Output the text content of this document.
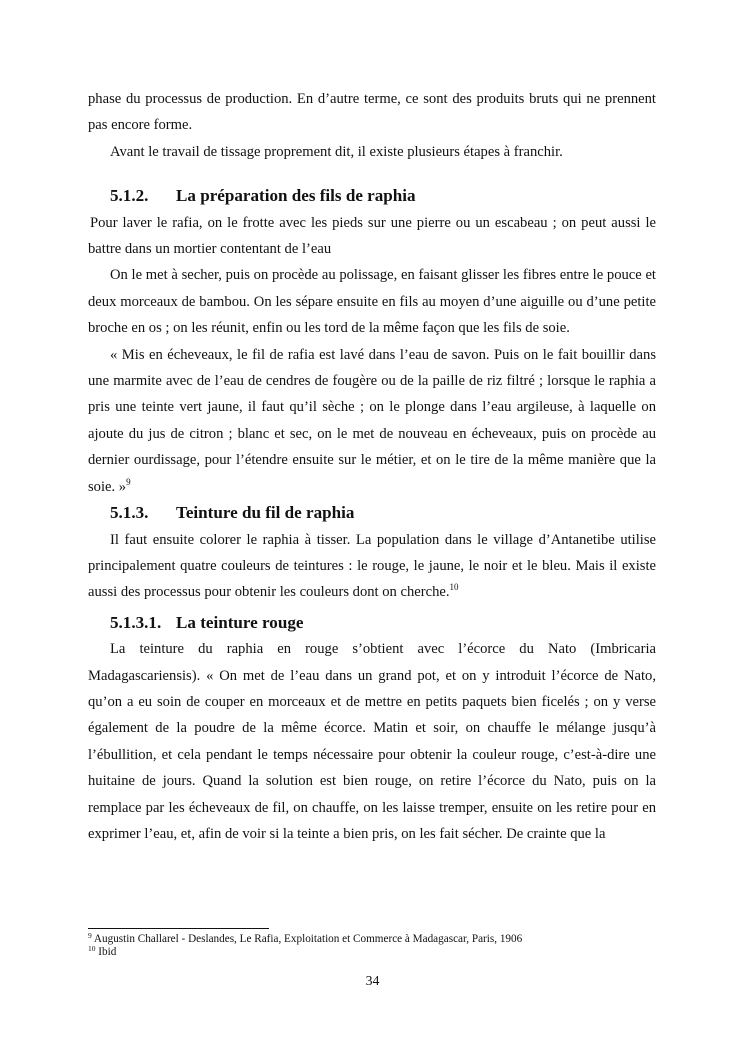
phase du processus de production. En d’autre terme, ce sont des produits bruts qui ne prennent pas encore forme.

Avant le travail de tissage proprement dit, il existe plusieurs étapes à franchir.

5.1.2. La préparation des fils de raphia

Pour laver le rafia, on le frotte avec les pieds sur une pierre ou un escabeau ; on peut aussi le battre dans un mortier contentant de l’eau

On le met à secher, puis on procède au polissage, en faisant glisser les fibres entre le pouce et deux morceaux de bambou. On les sépare ensuite en fils au moyen d’une aiguille ou d’une petite broche en os ; on les réunit, enfin ou les tord de la même façon que les fils de soie.

« Mis en écheveaux, le fil de rafia est lavé dans l’eau de savon. Puis on le fait bouillir dans une marmite avec de l’eau de cendres de fougère ou de la paille de riz filtré ; lorsque le raphia a pris une teinte vert jaune, il faut qu’il sèche ; on le plonge dans l’eau argileuse, à laquelle on ajoute du jus de citron ; blanc et sec, on le met de nouveau en écheveaux, puis on procède au dernier ourdissage, pour l’étendre ensuite sur le métier, et on le tire de la même manière que la soie. »$^9$

5.1.3. Teinture du fil de raphia

Il faut ensuite colorer le raphia à tisser. La population dans le village d’Antanetibe utilise principalement quatre couleurs de teintures : le rouge, le jaune, le noir et le bleu. Mais il existe aussi des processus pour obtenir les couleurs dont on cherche.$^{10}$

5.1.3.1. La teinture rouge

La teinture du raphia en rouge s’obtient avec l’écorce du Nato (Imbricaria Madagascariensis). « On met de l’eau dans un grand pot, et on y introduit l’écorce de Nato, qu’on a eu soin de couper en morceaux et de mettre en petits paquets bien ficelés ; on y verse également de la poudre de la même écorce. Matin et soir, on chauffe le mélange jusqu’à l’ébullition, et cela pendant le temps nécessaire pour obtenir la couleur rouge, c’est-à-dire une huitaine de jours. Quand la solution est bien rouge, on retire l’écorce du Nato, puis on la remplace par les écheveaux de fil, on chauffe, on les laisse tremper, ensuite on les retire pour en exprimer l’eau, et, afin de voir si la teinte a bien pris, on les fait sécher. De crainte que la

$^9$ Augustin Challarel - Deslandes, Le Rafia, Exploitation et Commerce à Madagascar, Paris, 1906
$^{10}$ Ibid
34
